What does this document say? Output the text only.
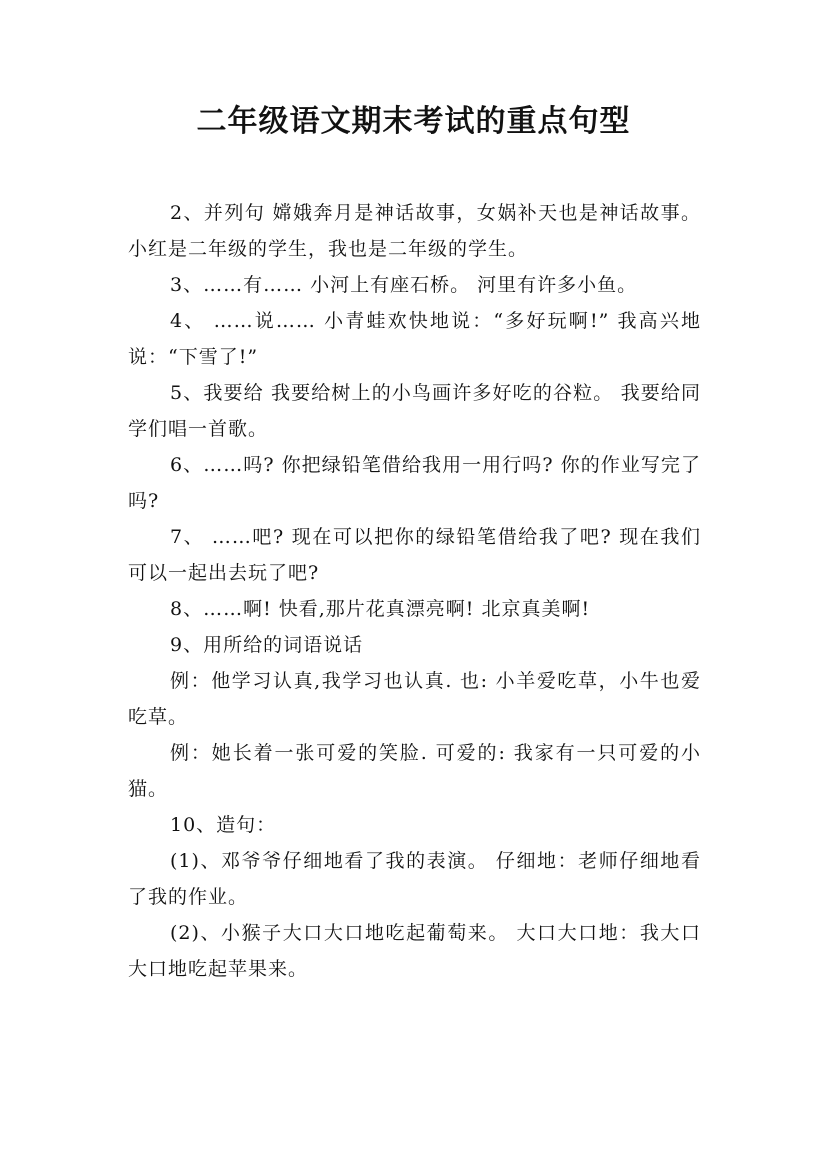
二年级语文期末考试的重点句型

2、并列句 嫦娥奔月是神话故事，女娲补天也是神话故事。 小红是二年级的学生，我也是二年级的学生。

3、……有…… 小河上有座石桥。 河里有许多小鱼。

4、 ……说…… 小青蛙欢快地说：“多好玩啊!” 我高兴地说：“下雪了!”

5、我要给 我要给树上的小鸟画许多好吃的谷粒。 我要给同学们唱一首歌。

6、……吗? 你把绿铅笔借给我用一用行吗? 你的作业写完了吗?

7、 ……吧? 现在可以把你的绿铅笔借给我了吧? 现在我们可以一起出去玩了吧?

8、……啊! 快看,那片花真漂亮啊! 北京真美啊!

9、用所给的词语说话

例：他学习认真,我学习也认真. 也: 小羊爱吃草，小牛也爱吃草。

例：她长着一张可爱的笑脸. 可爱的: 我家有一只可爱的小猫。

10、造句：

(1)、邓爷爷仔细地看了我的表演。 仔细地：老师仔细地看了我的作业。

(2)、小猴子大口大口地吃起葡萄来。 大口大口地：我大口大口地吃起苹果来。
